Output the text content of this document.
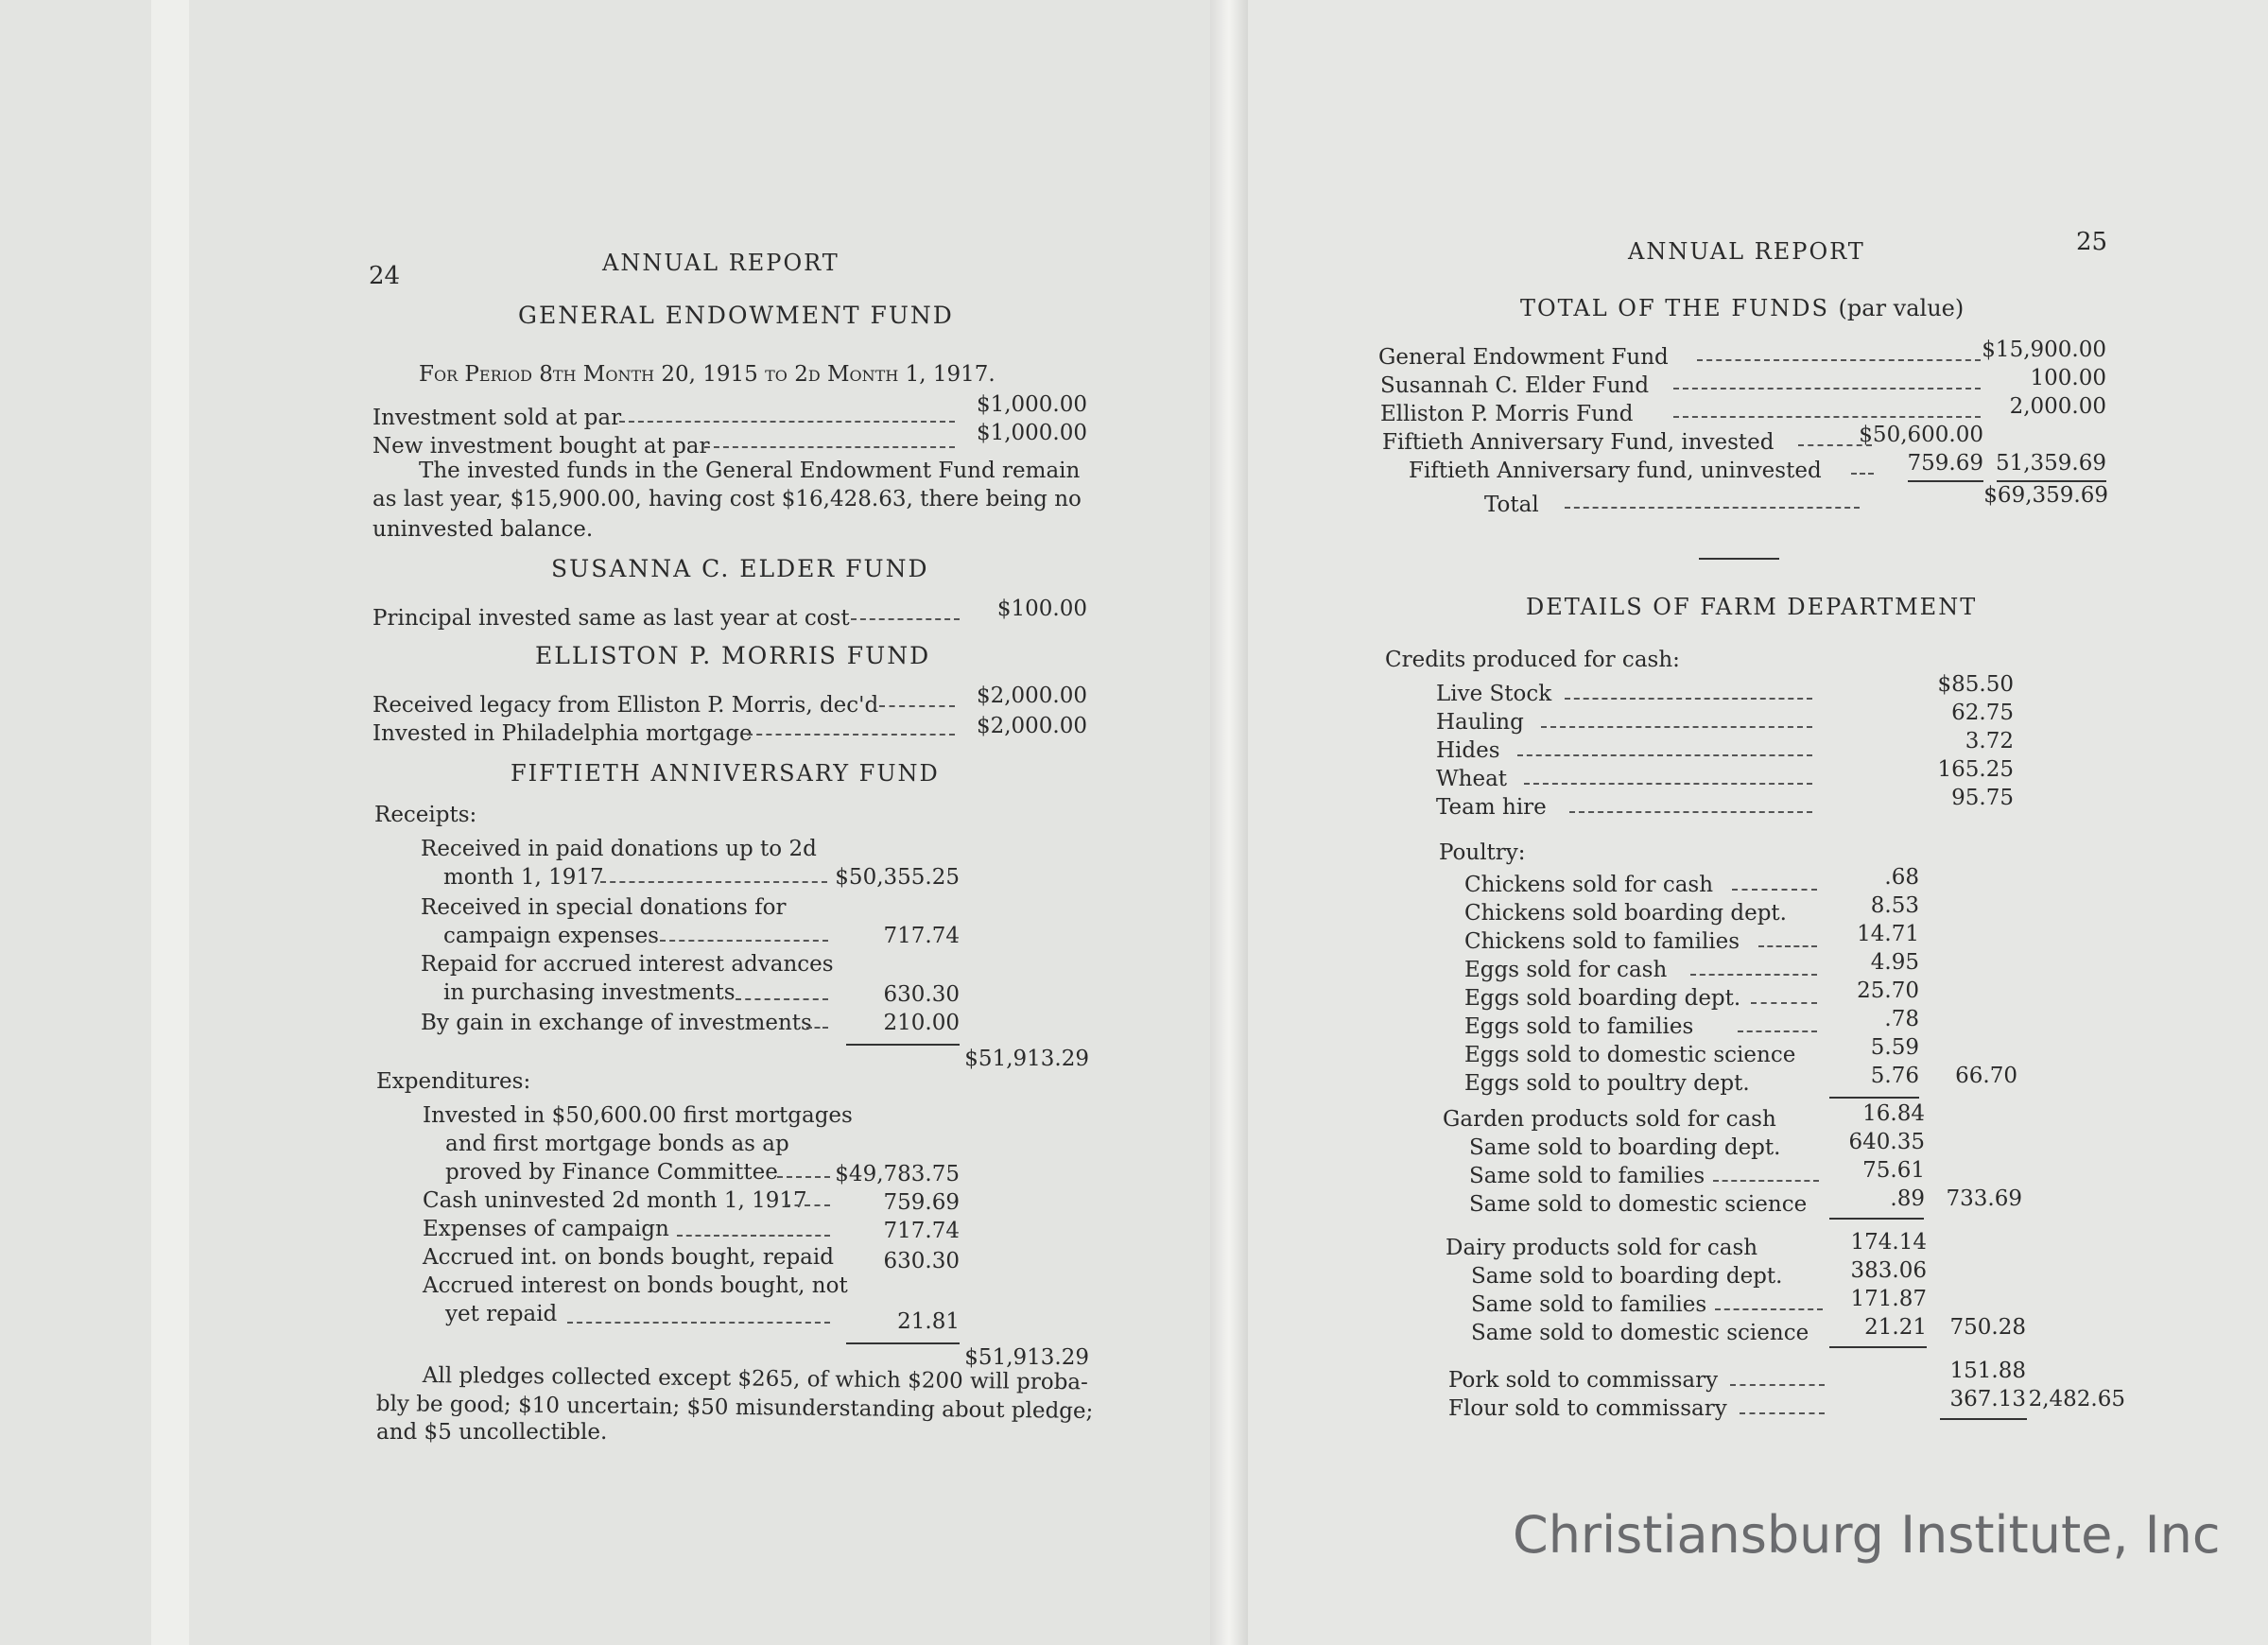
24	ANNUAL REPORT
GENERAL ENDOWMENT FUND
For Period 8th Month 20, 1915 to 2d Month 1, 1917.
Investment sold at par
$1,000.00
New investment bought at par
$1,000.00
The invested funds in the General Endowment Fund remain
as last year, $15,900.00, having cost $16,428.63, there being no
uninvested balance.
SUSANNA C. ELDER FUND
Principal invested same as last year at cost	$100.00
ELLISTON P. MORRIS FUND
Received legacy from Elliston P. Morris, dec'd	$2,000.00
Invested in Philadelphia mortgage	$2,000.00
FIFTIETH ANNIVERSARY FUND
Receipts:
Received in paid donations up to 2d
month 1, 1917	$50,355.25
Received in special donations for
campaign expenses	717.74
Repaid for accrued interest advances
in purchasing investments	630.30
By gain in exchange of investments	210.00
$51,913.29
Expenditures:
Invested in $50,600.00 first mortgages
and first mortgage bonds as ap
proved by Finance Committee	$49,783.75
Cash uninvested 2d month 1, 1917	759.69
Expenses of campaign	717.74
Accrued int. on bonds bought, repaid	630.30
Accrued interest on bonds bought, not
yet repaid	21.81
$51,913.29
All pledges collected except $265, of which $200 will proba-
bly be good; $10 uncertain; $50 misunderstanding about pledge;
and $5 uncollectible.
ANNUAL REPORT	25
TOTAL OF THE FUNDS (par value)
General Endowment Fund	$15,900.00
Susannah C. Elder Fund	100.00
Elliston P. Morris Fund	2,000.00
Fiftieth Anniversary Fund, invested	$50,600.00
Fiftieth Anniversary fund, uninvested	759.69 51,359.69
Total	$69,359.69
DETAILS OF FARM DEPARTMENT
Credits produced for cash:
Live Stock	$85.50
Hauling	62.75
Hides	3.72
Wheat	165.25
Team hire	95.75
Poultry:
Chickens sold for cash	.68
Chickens sold boarding dept.	8.53
Chickens sold to families	14.71
Eggs sold for cash	4.95
Eggs sold boarding dept.	25.70
Eggs sold to families	.78
Eggs sold to domestic science	5.59
Eggs sold to poultry dept.	5.76	66.70
Garden products sold for cash	16.84
Same sold to boarding dept.	640.35
Same sold to families	75.61
Same sold to domestic science	.89 733.69
Dairy products sold for cash	174.14
Same sold to boarding dept.	383.06
Same sold to families	171.87
Same sold to domestic science	21.21	750.28
Pork sold to commissary	151.88
Flour sold to commissary	367.13 2,482.65
Christiansburg Institute, Inc
